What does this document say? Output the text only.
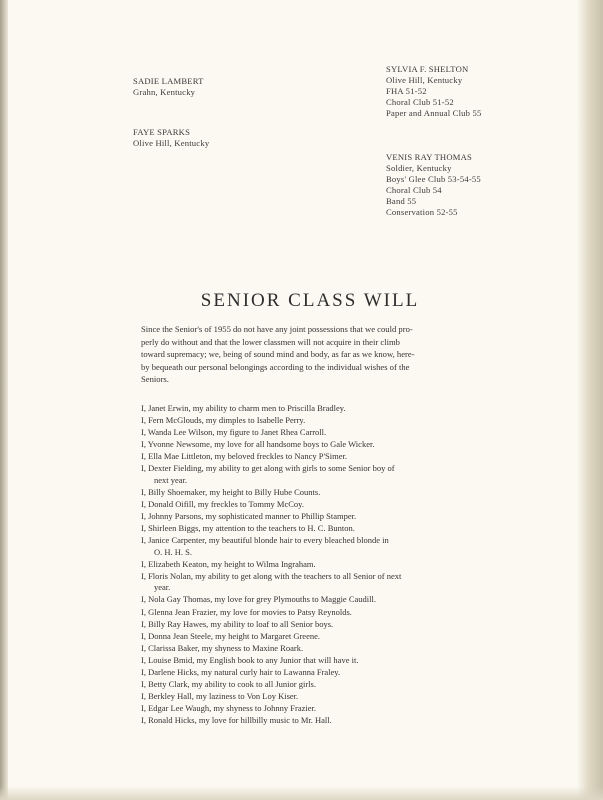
SYLVIA F. SHELTON
Olive Hill, Kentucky
FHA 51-52
Choral Club 51-52
Paper and Annual Club 55
SADIE LAMBERT
Grahn, Kentucky
FAYE SPARKS
Olive Hill, Kentucky
VENIS RAY THOMAS
Soldier, Kentucky
Boys' Glee Club 53-54-55
Choral Club 54
Band 55
Conservation 52-55
SENIOR CLASS WILL
Since the Senior's of 1955 do not have any joint possessions that we could pro-
perly do without and that the lower classmen will not acquire in their climb
toward supremacy; we, being of sound mind and body, as far as we know, here-
by bequeath our personal belongings according to the individual wishes of the
Seniors.
I, Janet Erwin, my ability to charm men to Priscilla Bradley.
I, Fern McGlouds, my dimples to Isabelle Perry.
I, Wanda Lee Wilson, my figure to Janet Rhea Carroll.
I, Yvonne Newsome, my love for all handsome boys to Gale Wicker.
I, Ella Mae Littleton, my beloved freckles to Nancy P'Simer.
I, Dexter Fielding, my ability to get along with girls to some Senior boy of
next year.
I, Billy Shoemaker, my height to Billy Hube Counts.
I, Donald Oifill, my freckles to Tommy McCoy.
I, Johnny Parsons, my sophisticated manner to Phillip Stamper.
I, Shirleen Biggs, my attention to the teachers to H. C. Bunton.
I, Janice Carpenter, my beautiful blonde hair to every bleached blonde in
O. H. H. S.
I, Elizabeth Keaton, my height to Wilma Ingraham.
I, Floris Nolan, my ability to get along with the teachers to all Senior of next
year.
I, Nola Gay Thomas, my love for grey Plymouths to Maggie Caudill.
I, Glenna Jean Frazier, my love for movies to Patsy Reynolds.
I, Billy Ray Hawes, my ability to loaf to all Senior boys.
I, Donna Jean Steele, my height to Margaret Greene.
I, Clarissa Baker, my shyness to Maxine Roark.
I, Louise Bmid, my English book to any Junior that will have it.
I, Darlene Hicks, my natural curly hair to Lawanna Fraley.
I, Betty Clark, my ability to cook to all Junior girls.
I, Berkley Hall, my laziness to Von Loy Kiser.
I, Edgar Lee Waugh, my shyness to Johnny Frazier.
I, Ronald Hicks, my love for hillbilly music to Mr. Hall.
